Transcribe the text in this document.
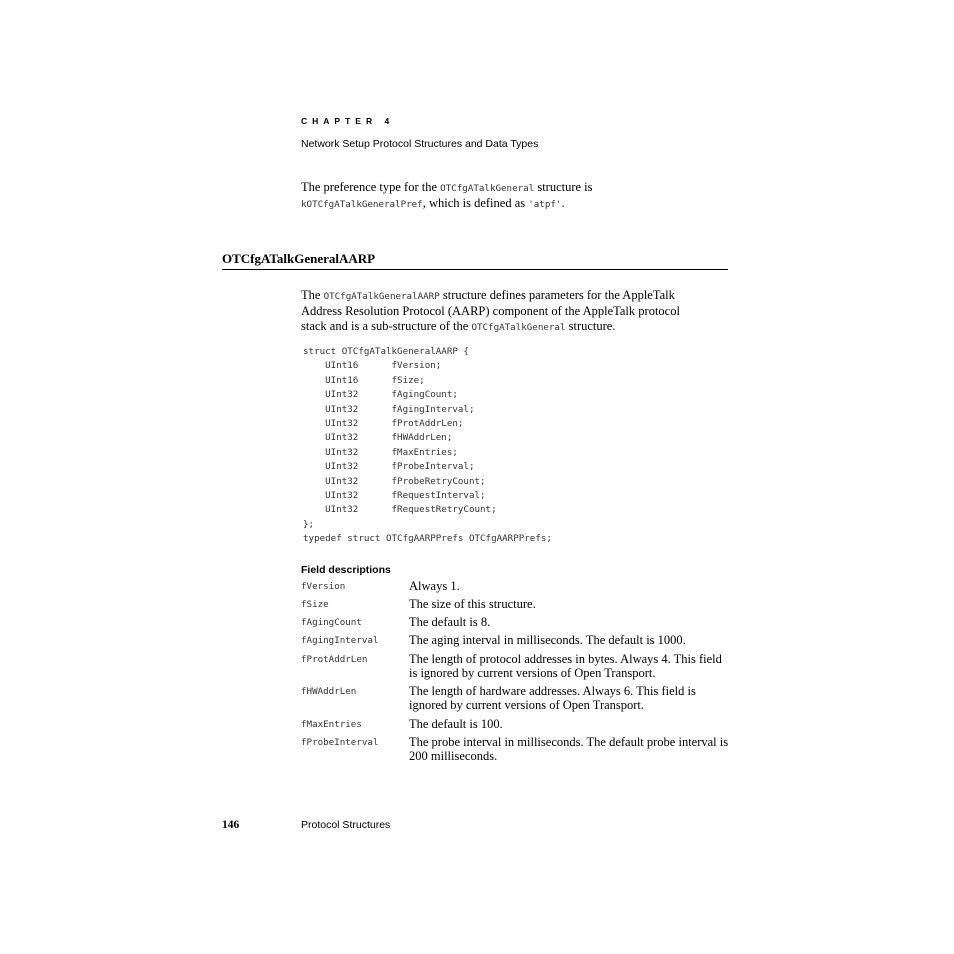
CHAPTER 4
Network Setup Protocol Structures and Data Types
The preference type for the OTCfgATalkGeneral structure is
kOTCfgATalkGeneralPref, which is defined as 'atpf'.
OTCfgATalkGeneralAARP
The OTCfgATalkGeneralAARP structure defines parameters for the AppleTalk
Address Resolution Protocol (AARP) component of the AppleTalk protocol
stack and is a sub-structure of the OTCfgATalkGeneral structure.
struct OTCfgATalkGeneralAARP {
UInt16      fVersion;
UInt16      fSize;
UInt32      fAgingCount;
UInt32      fAgingInterval;
UInt32      fProtAddrLen;
UInt32      fHWAddrLen;
UInt32      fMaxEntries;
UInt32      fProbeInterval;
UInt32      fProbeRetryCount;
UInt32      fRequestInterval;
UInt32      fRequestRetryCount;
};
typedef struct OTCfgAARPPrefs OTCfgAARPPrefs;
Field descriptions
fVersion	Always 1.
fSize	The size of this structure.
fAgingCount	The default is 8.
fAgingInterval The aging interval in milliseconds. The default is 1000.
fProtAddrLen	The length of protocol addresses in bytes. Always 4. This field is ignored by current versions of Open Transport.
fHWAddrLen	The length of hardware addresses. Always 6. This field is ignored by current versions of Open Transport.
fMaxEntries	The default is 100.
fProbeInterval The probe interval in milliseconds. The default probe interval is 200 milliseconds.
146	Protocol Structures
